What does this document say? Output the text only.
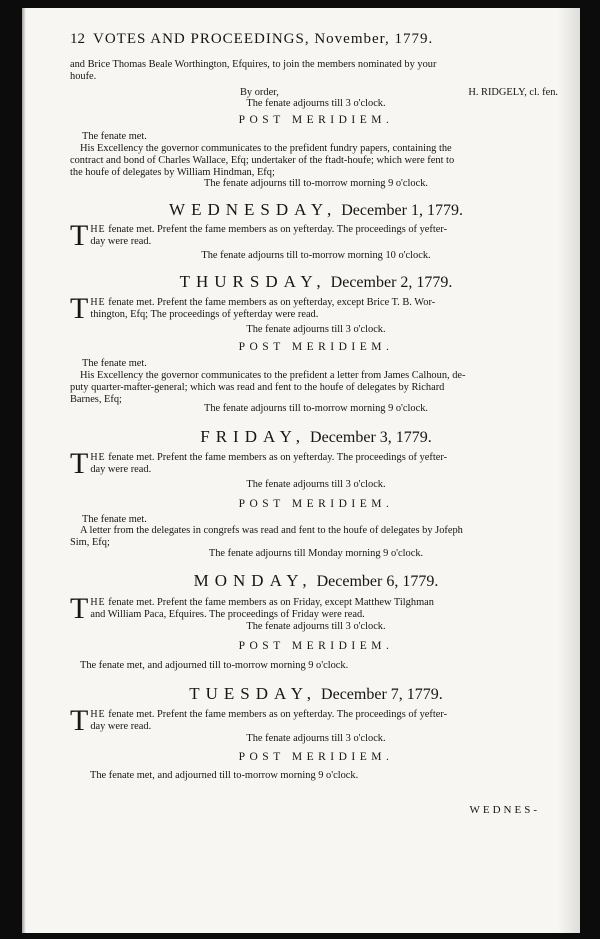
12 VOTES AND PROCEEDINGS, November, 1779.
and Brice Thomas Beale Worthington, Efquires, to join the members nominated by your
houfe.
By order,	H. RIDGELY, cl. fen.
The fenate adjourns till 3 o'clock.
POST MERIDIEM.
The fenate met.
His Excellency the governor communicates to the prefident fundry papers, containing the
contract and bond of Charles Wallace, Efq; undertaker of the ftadt-houfe; which were fent to
the houfe of delegates by William Hindman, Efq;
The fenate adjourns till to-morrow morning 9 o'clock.
WEDNESDAY, December 1, 1779.
T HE fenate met. Prefent the fame members as on yefterday. The proceedings of yefter-
day were read.
The fenate adjourns till to-morrow morning 10 o'clock.
THURSDAY, December 2, 1779.
T HE fenate met. Prefent the fame members as on yefterday, except Brice T. B. Wor-
thington, Efq; The proceedings of yefterday were read.
The fenate adjourns till 3 o'clock.
POST MERIDIEM.
The fenate met.
His Excellency the governor communicates to the prefident a letter from James Calhoun, de-
puty quarter-mafter-general; which was read and fent to the houfe of delegates by Richard
Barnes, Efq;
The fenate adjourns till to-morrow morning 9 o'clock.
FRIDAY, December 3, 1779.
T HE fenate met. Prefent the fame members as on yefterday. The proceedings of yefter-
day were read.
The fenate adjourns till 3 o'clock.
POST MERIDIEM.
The fenate met.
A letter from the delegates in congrefs was read and fent to the houfe of delegates by Jofeph
Sim, Efq;
The fenate adjourns till Monday morning 9 o'clock.
MONDAY, December 6, 1779.
T HE fenate met. Prefent the fame members as on Friday, except Matthew Tilghman
and William Paca, Efquires. The proceedings of Friday were read.
The fenate adjourns till 3 o'clock.
POST MERIDIEM.
The fenate met, and adjourned till to-morrow morning 9 o'clock.
TUESDAY, December 7, 1779.
T HE fenate met. Prefent the fame members as on yefterday. The proceedings of yefter-
day were read.
The fenate adjourns till 3 o'clock.
POST MERIDIEM.
The fenate met, and adjourned till to-morrow morning 9 o'clock.
WEDNES-
